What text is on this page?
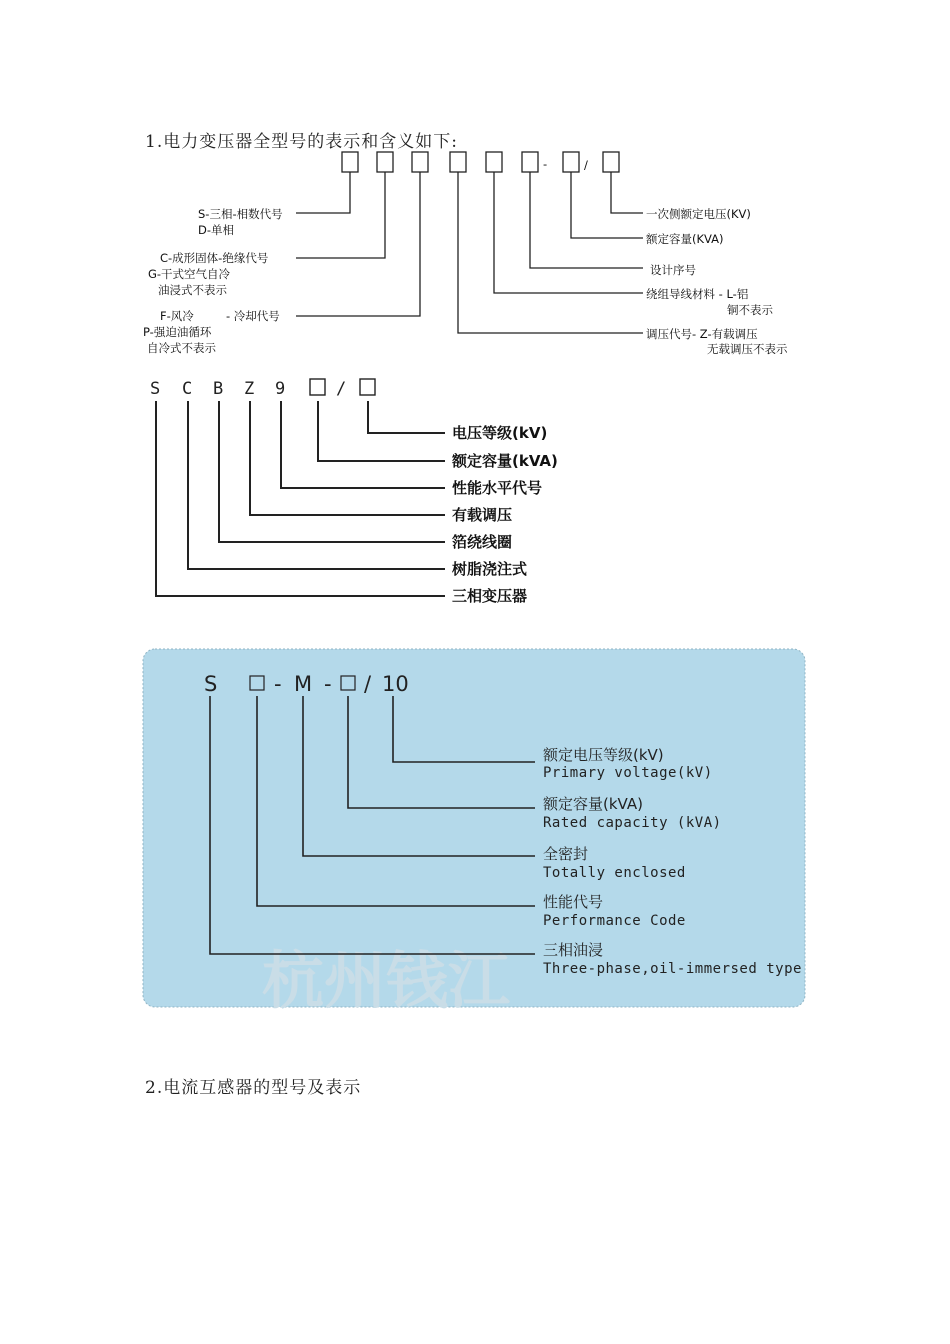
1.电力变压器全型号的表示和含义如下:
-	/
S-三相-相数代号
D-单相
C-成形固体-绝缘代号
G-干式空气自冷
油浸式不表示
F-风冷	- 冷却代号
P-强迫油循环
自冷式不表示
一次侧额定电压(KV)
额定容量(KVA)
设计序号
绕组导线材料 - L-铝
铜不表示
调压代号- Z-有载调压
无载调压不表示
S C B Z 9	/
电压等级(kV)
额定容量(kVA)
性能水平代号
有载调压
箔绕线圈
树脂浇注式
三相变压器
杭州钱江
S	- M - / 10
额定电压等级(kV)
Primary voltage(kV)
额定容量(kVA)
Rated capacity (kVA)
全密封
Totally enclosed
性能代号
Performance Code
三相油浸
Three-phase,oil-immersed type
2.电流互感器的型号及表示
